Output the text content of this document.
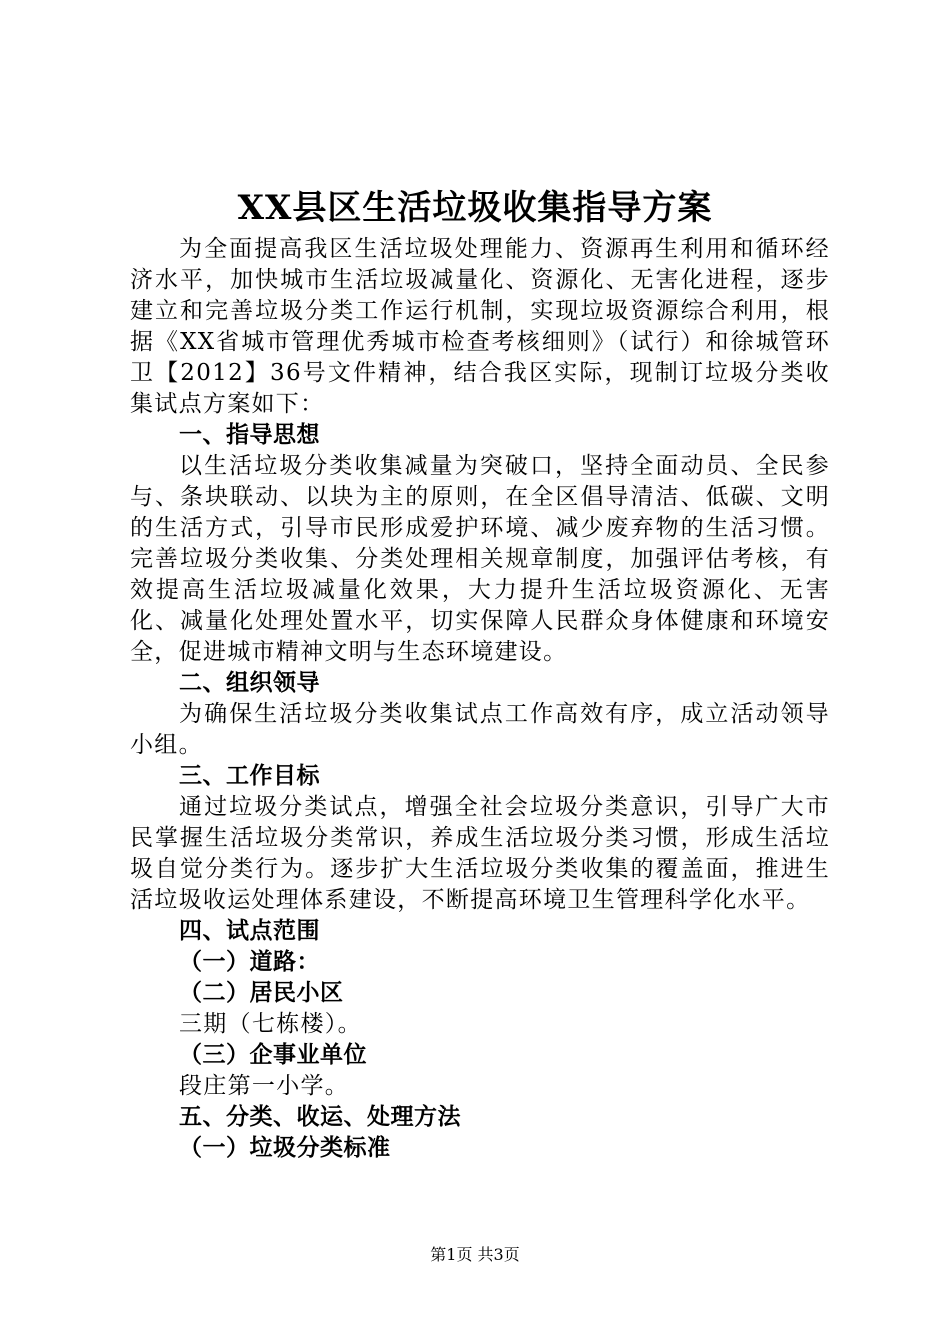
XX县区生活垃圾收集指导方案

为全面提高我区生活垃圾处理能力、资源再生利用和循环经济水平，加快城市生活垃圾减量化、资源化、无害化进程，逐步建立和完善垃圾分类工作运行机制，实现垃圾资源综合利用，根据《XX省城市管理优秀城市检查考核细则》（试行）和徐城管环卫【2012】36号文件精神，结合我区实际，现制订垃圾分类收集试点方案如下：

一、指导思想

以生活垃圾分类收集减量为突破口，坚持全面动员、全民参与、条块联动、以块为主的原则，在全区倡导清洁、低碳、文明的生活方式，引导市民形成爱护环境、减少废弃物的生活习惯。完善垃圾分类收集、分类处理相关规章制度，加强评估考核，有效提高生活垃圾减量化效果，大力提升生活垃圾资源化、无害化、减量化处理处置水平，切实保障人民群众身体健康和环境安全，促进城市精神文明与生态环境建设。

二、组织领导

为确保生活垃圾分类收集试点工作高效有序，成立活动领导小组。

三、工作目标

通过垃圾分类试点，增强全社会垃圾分类意识，引导广大市民掌握生活垃圾分类常识，养成生活垃圾分类习惯，形成生活垃圾自觉分类行为。逐步扩大生活垃圾分类收集的覆盖面，推进生活垃圾收运处理体系建设，不断提高环境卫生管理科学化水平。

四、试点范围

（一）道路：

（二）居民小区

三期（七栋楼）。

（三）企事业单位

段庄第一小学。

五、分类、收运、处理方法

（一）垃圾分类标准

第1页 共3页
